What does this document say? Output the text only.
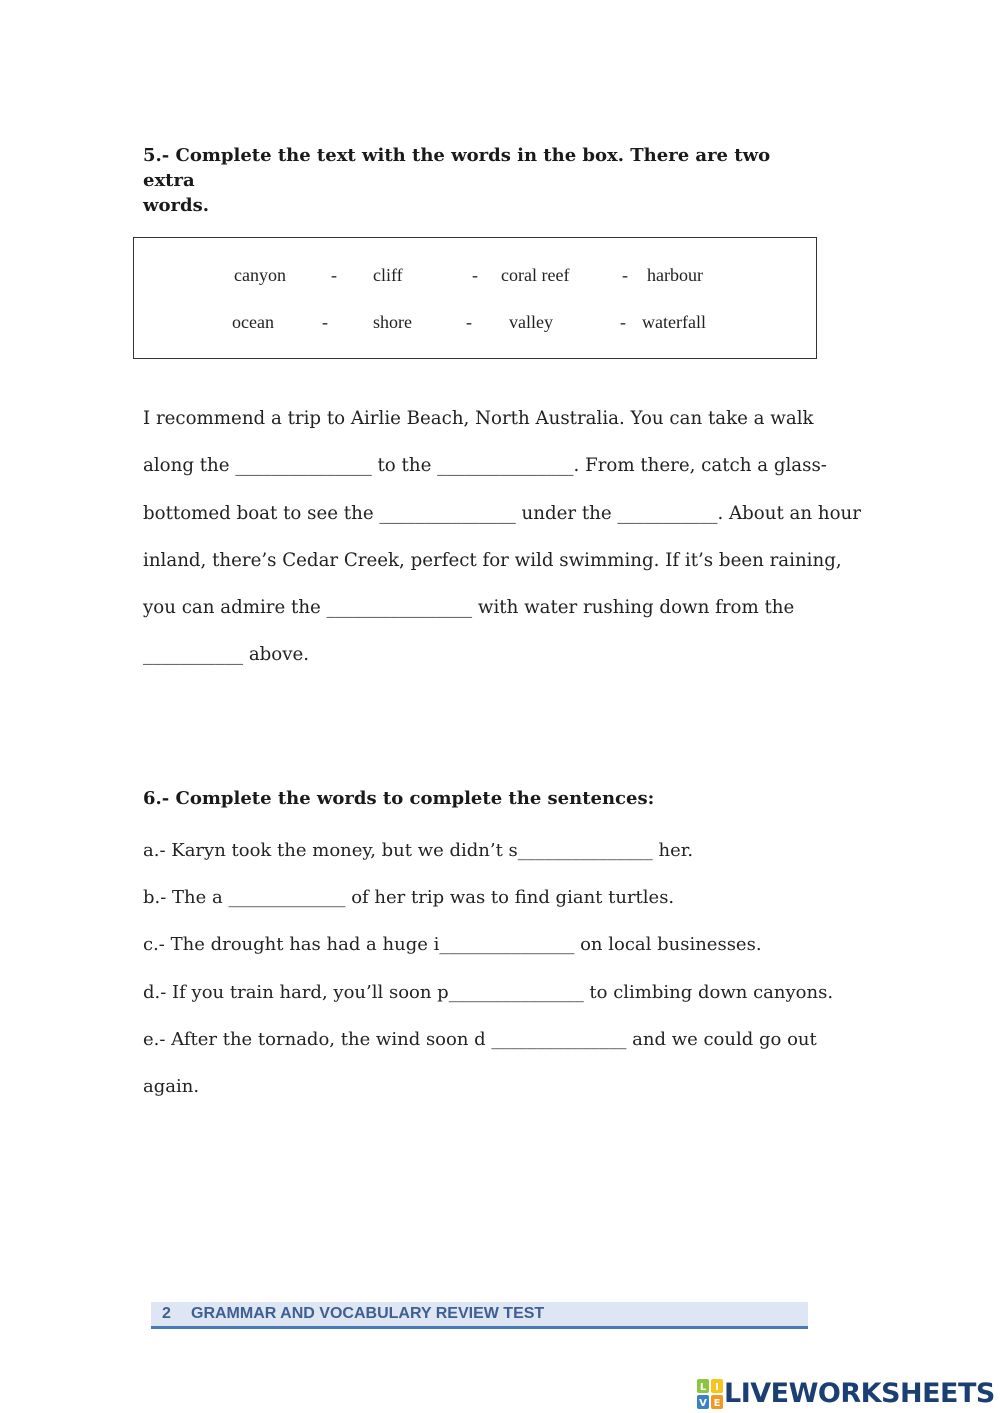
5.- Complete the text with the words in the box. There are two extra
words.
canyon	- cliff	- coral reef	- harbour
ocean	-	shore	- valley	- waterfall
I recommend a trip to Airlie Beach, North Australia. You can take a walk
along the _______________ to the _______________. From there, catch a glass-
bottomed boat to see the _______________ under the ___________. About an hour
inland, there’s Cedar Creek, perfect for wild swimming. If it’s been raining,
you can admire the ________________ with water rushing down from the
___________ above.
6.- Complete the words to complete the sentences:
a.- Karyn took the money, but we didn’t s_______________ her.
b.- The a _____________ of her trip was to find giant turtles.
c.- The drought has had a huge i_______________ on local businesses.
d.- If you train hard, you’ll soon p_______________ to climbing down canyons.
e.- After the tornado, the wind soon d _______________ and we could go out
again.
2 GRAMMAR AND VOCABULARY REVIEW TEST
L I
V E LIVEWORKSHEETS
